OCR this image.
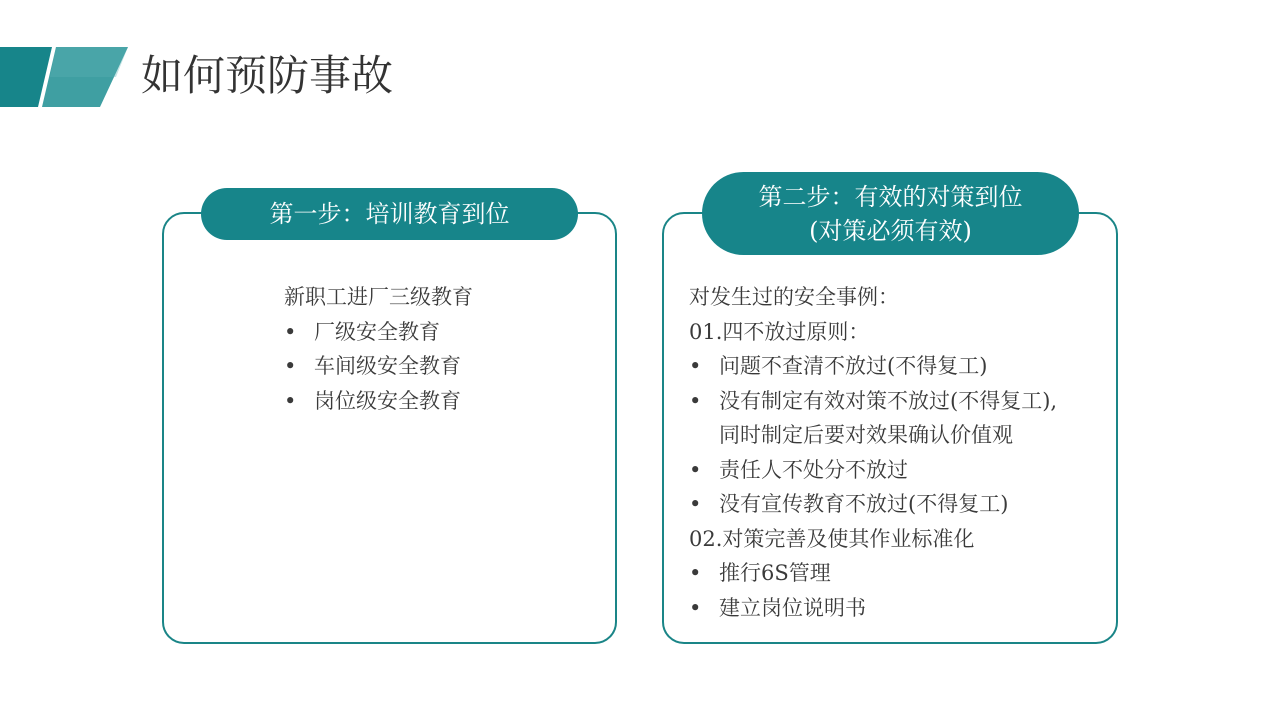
如何预防事故
第一步：培训教育到位
新职工进厂三级教育
• 厂级安全教育
• 车间级安全教育
• 岗位级安全教育
第二步：有效的对策到位
(对策必须有效)
对发生过的安全事例：
01.四不放过原则：
• 问题不查清不放过(不得复工)
• 没有制定有效对策不放过(不得复工),
同时制定后要对效果确认价值观
• 责任人不处分不放过
• 没有宣传教育不放过(不得复工)
02.对策完善及使其作业标准化
• 推行6S管理
• 建立岗位说明书
